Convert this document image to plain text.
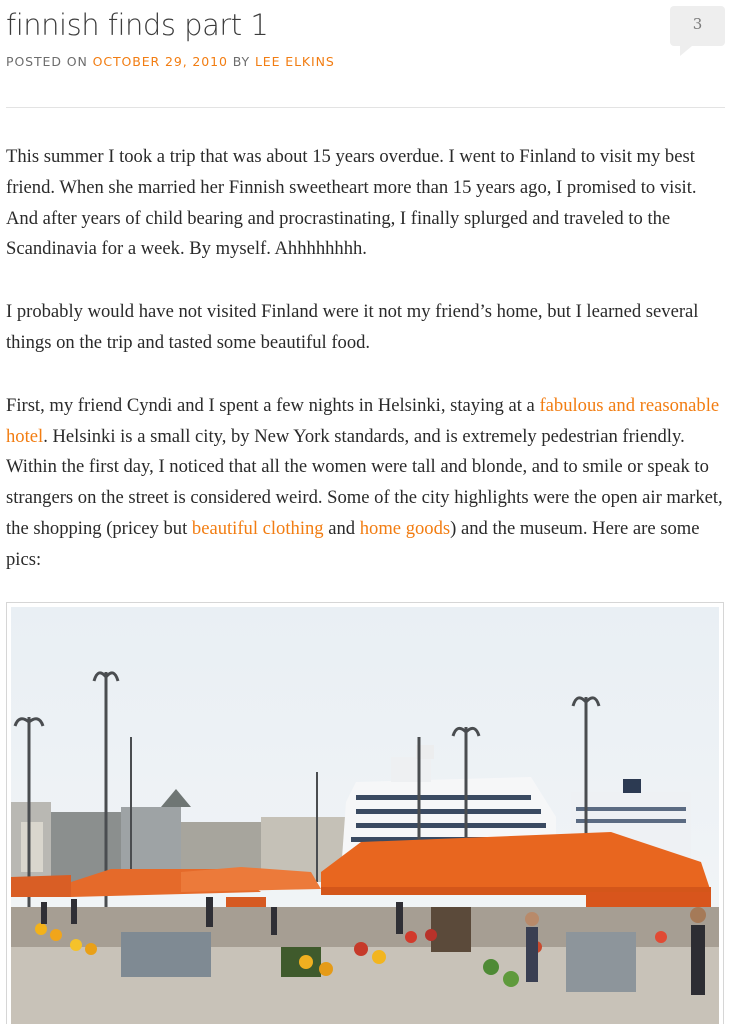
finnish finds part 1	3
POSTED ON OCTOBER 29, 2010 BY LEE ELKINS

This summer I took a trip that was about 15 years overdue. I went to Finland to visit my best friend. When she married her Finnish sweetheart more than 15 years ago, I promised to visit. And after years of child bearing and procrastinating, I finally splurged and traveled to the Scandinavia for a week. By myself. Ahhhhhhhh.

I probably would have not visited Finland were it not my friend’s home, but I learned several things on the trip and tasted some beautiful food.

First, my friend Cyndi and I spent a few nights in Helsinki, staying at a fabulous and reasonable hotel. Helsinki is a small city, by New York standards, and is extremely pedestrian friendly. Within the first day, I noticed that all the women were tall and blonde, and to smile or speak to strangers on the street is considered weird. Some of the city highlights were the open air market, the shopping (pricey but beautiful clothing and home goods) and the museum. Here are some pics:
